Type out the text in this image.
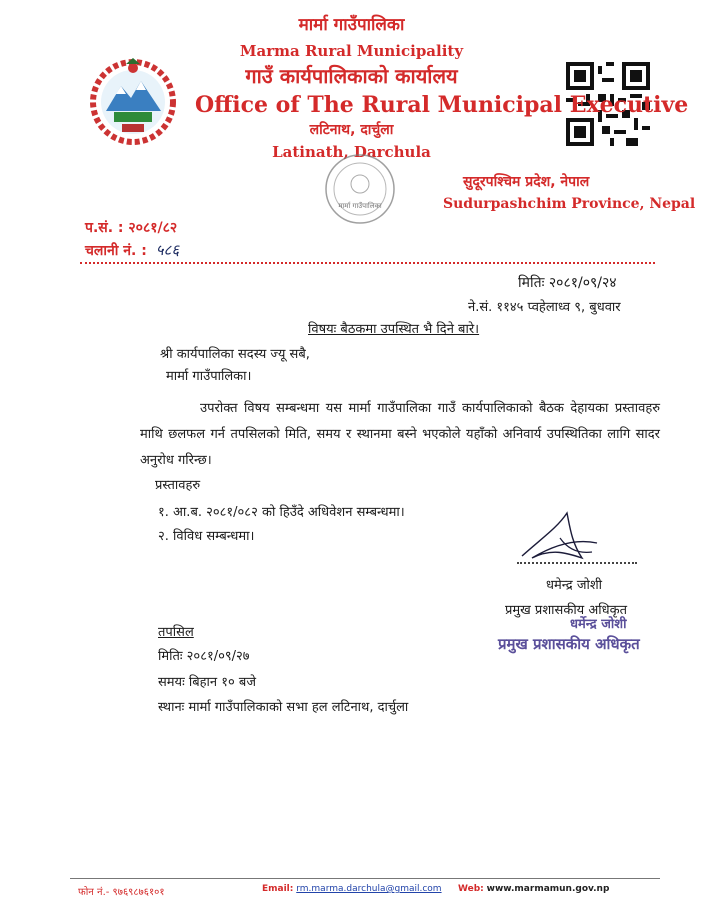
मार्मा गाउँपालिका
Marma Rural Municipality
गाउँ कार्यपालिकाको कार्यालय
Office of The Rural Municipal Executive
लटिनाथ, दार्चुला
Latinath, Darchula
मार्मा गाउँपालिका
सुदूरपश्चिम प्रदेश, नेपाल
Sudurpashchim Province, Nepal
प.सं. : २०८१/८२
चलानी नं. : ५८६
मितिः २०८१/०९/२४
ने.सं. ११४५ प्वहेलाध्व ९, बुधवार
विषयः बैठकमा उपस्थित भै दिने बारे।
श्री कार्यपालिका सदस्य ज्यू सबै,
मार्मा गाउँपालिका।
उपरोक्त विषय सम्बन्धमा यस मार्मा गाउँपालिका गाउँ कार्यपालिकाको बैठक देहायका प्रस्तावहरु माथि छलफल गर्न तपसिलको मिति, समय र स्थानमा बस्ने भएकोले यहाँको अनिवार्य उपस्थितिका लागि सादर अनुरोध गरिन्छ।
प्रस्तावहरु
१. आ.ब. २०८१/०८२ को हिउँदे अधिवेशन सम्बन्धमा।
२. विविध सम्बन्धमा।
धमेन्द्र जोशी
प्रमुख प्रशासकीय अधिकृत
धर्मेन्द्र जोशी
प्रमुख प्रशासकीय अधिकृत
तपसिल
मितिः २०८१/०९/२७
समयः बिहान १० बजे
स्थानः मार्मा गाउँपालिकाको सभा हल लटिनाथ, दार्चुला
फोन नं.- ९७६९८७६१०१	Email: rm.marma.darchula@gmail.com Web: www.marmamun.gov.np
